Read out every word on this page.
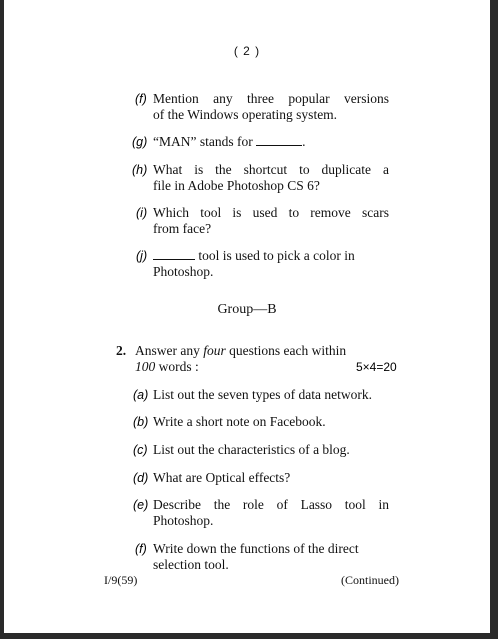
( 2 )
(f) Mention any three popular versions
of the Windows operating system.
(g) “MAN” stands for	.
(h) What is the shortcut to duplicate a
file in Adobe Photoshop CS 6?
(i) Which tool is used to remove scars
from face?
(j)	tool is used to pick a color in
Photoshop.
Group—B
2. Answer any four questions each within
100 words :	5×4=20
(a) List out the seven types of data network.
(b) Write a short note on Facebook.
(c) List out the characteristics of a blog.
(d) What are Optical effects?
(e) Describe the role of Lasso tool in
Photoshop.
(f) Write down the functions of the direct
selection tool.
I/9(59)	(Continued)
